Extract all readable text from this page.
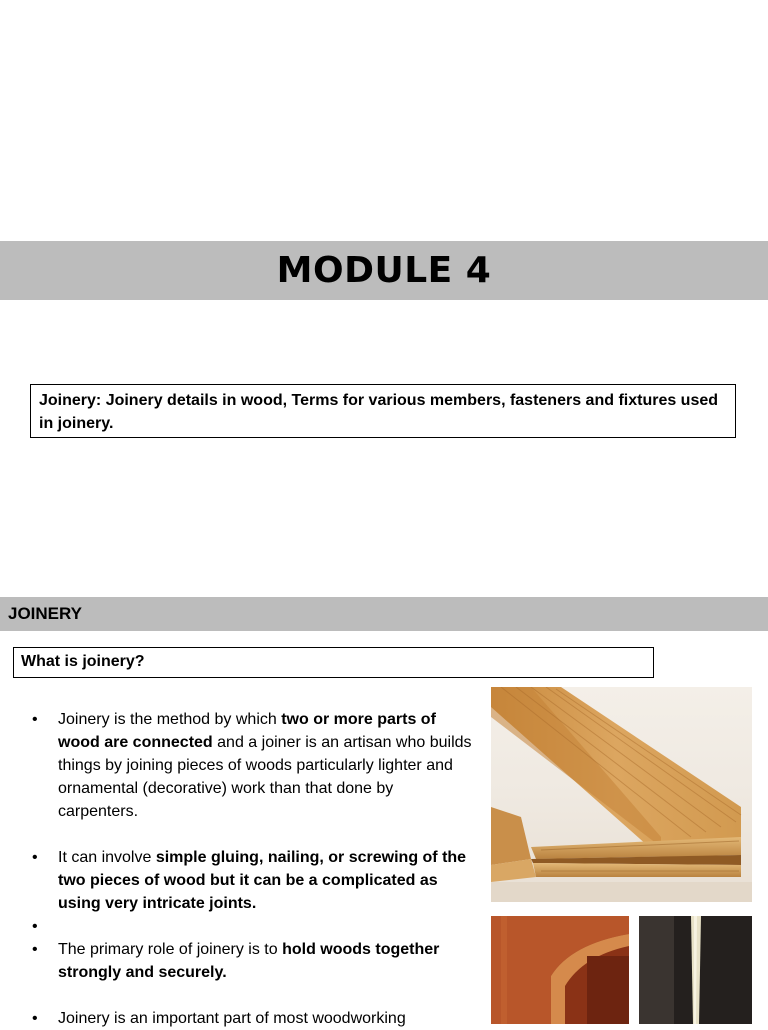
MODULE 4
Joinery: Joinery details in wood, Terms for various members, fasteners and fixtures used in joinery.
JOINERY
What is joinery?
• Joinery is the method by which two or more parts of wood are connected and a joiner is an artisan who builds things by joining pieces of woods particularly lighter and ornamental (decorative) work than that done by carpenters.
• It can involve simple gluing, nailing, or screwing of the two pieces of wood but it can be a complicated as using very intricate joints.
•
• The primary role of joinery is to hold woods together strongly and securely.
• Joinery is an important part of most woodworking
